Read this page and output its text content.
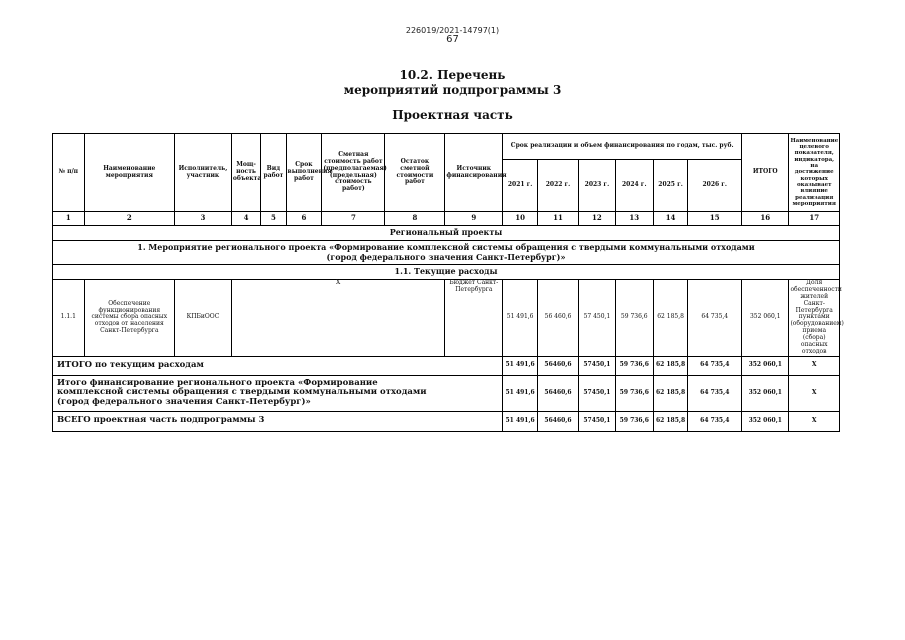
226019/2021-14797(1)
67
10.2. Перечень
мероприятий подпрограммы 3
Проектная часть
№ п/п	Наименование мероприятия	Исполнитель, участник	Мощ-ность объекта	Вид работ	Срок выполнения работ	Сметная стоимость работ (предполагаемая) (предельная) стоимость работ)	Остаток сметной стоимости работ	Источник финансирования	Срок реализации и объем финансирования по годам, тыс. руб.						ИТОГО	Наименование целевого показателя, индикатора, на достижение которых оказывает влияние реализация мероприятия
									2021 г.	2022 г.	2023 г.	2024 г.	2025 г.	2026 г.		
1	2	3	4	5	6	7	8	9	10	11	12	13	14	15	16	17
Региональный проекты																
1. Мероприятие регионального проекта «Формирование комплексной системы обращения с твердыми коммунальными отходами (город федерального значения Санкт-Петербург)»																
1.1. Текущие расходы																
1.1.1	Обеспечение функционирования системы сбора опасных отходов от населения Санкт-Петербурга	КПБиООС	X					Бюджет Санкт-Петербурга	51 491,6	56 460,6	57 450,1	59 736,6	62 185,8	64 735,4	352 060,1	Доля обеспеченности жителей Санкт-Петербурга пунктами (оборудованием) приема (сбора) опасных отходов
ИТОГО по текущим расходам									51 491,6	56460,6	57450,1	59 736,6	62 185,8	64 735,4	352 060,1	X
Итого финансирование регионального проекта «Формирование комплексной системы обращения с твердыми коммунальными отходами (город федерального значения Санкт-Петербург)»									51 491,6	56460,6	57450,1	59 736,6	62 185,8	64 735,4	352 060,1	X
ВСЕГО проектная часть подпрограммы 3									51 491,6	56460,6	57450,1	59 736,6	62 185,8	64 735,4	352 060,1	X
